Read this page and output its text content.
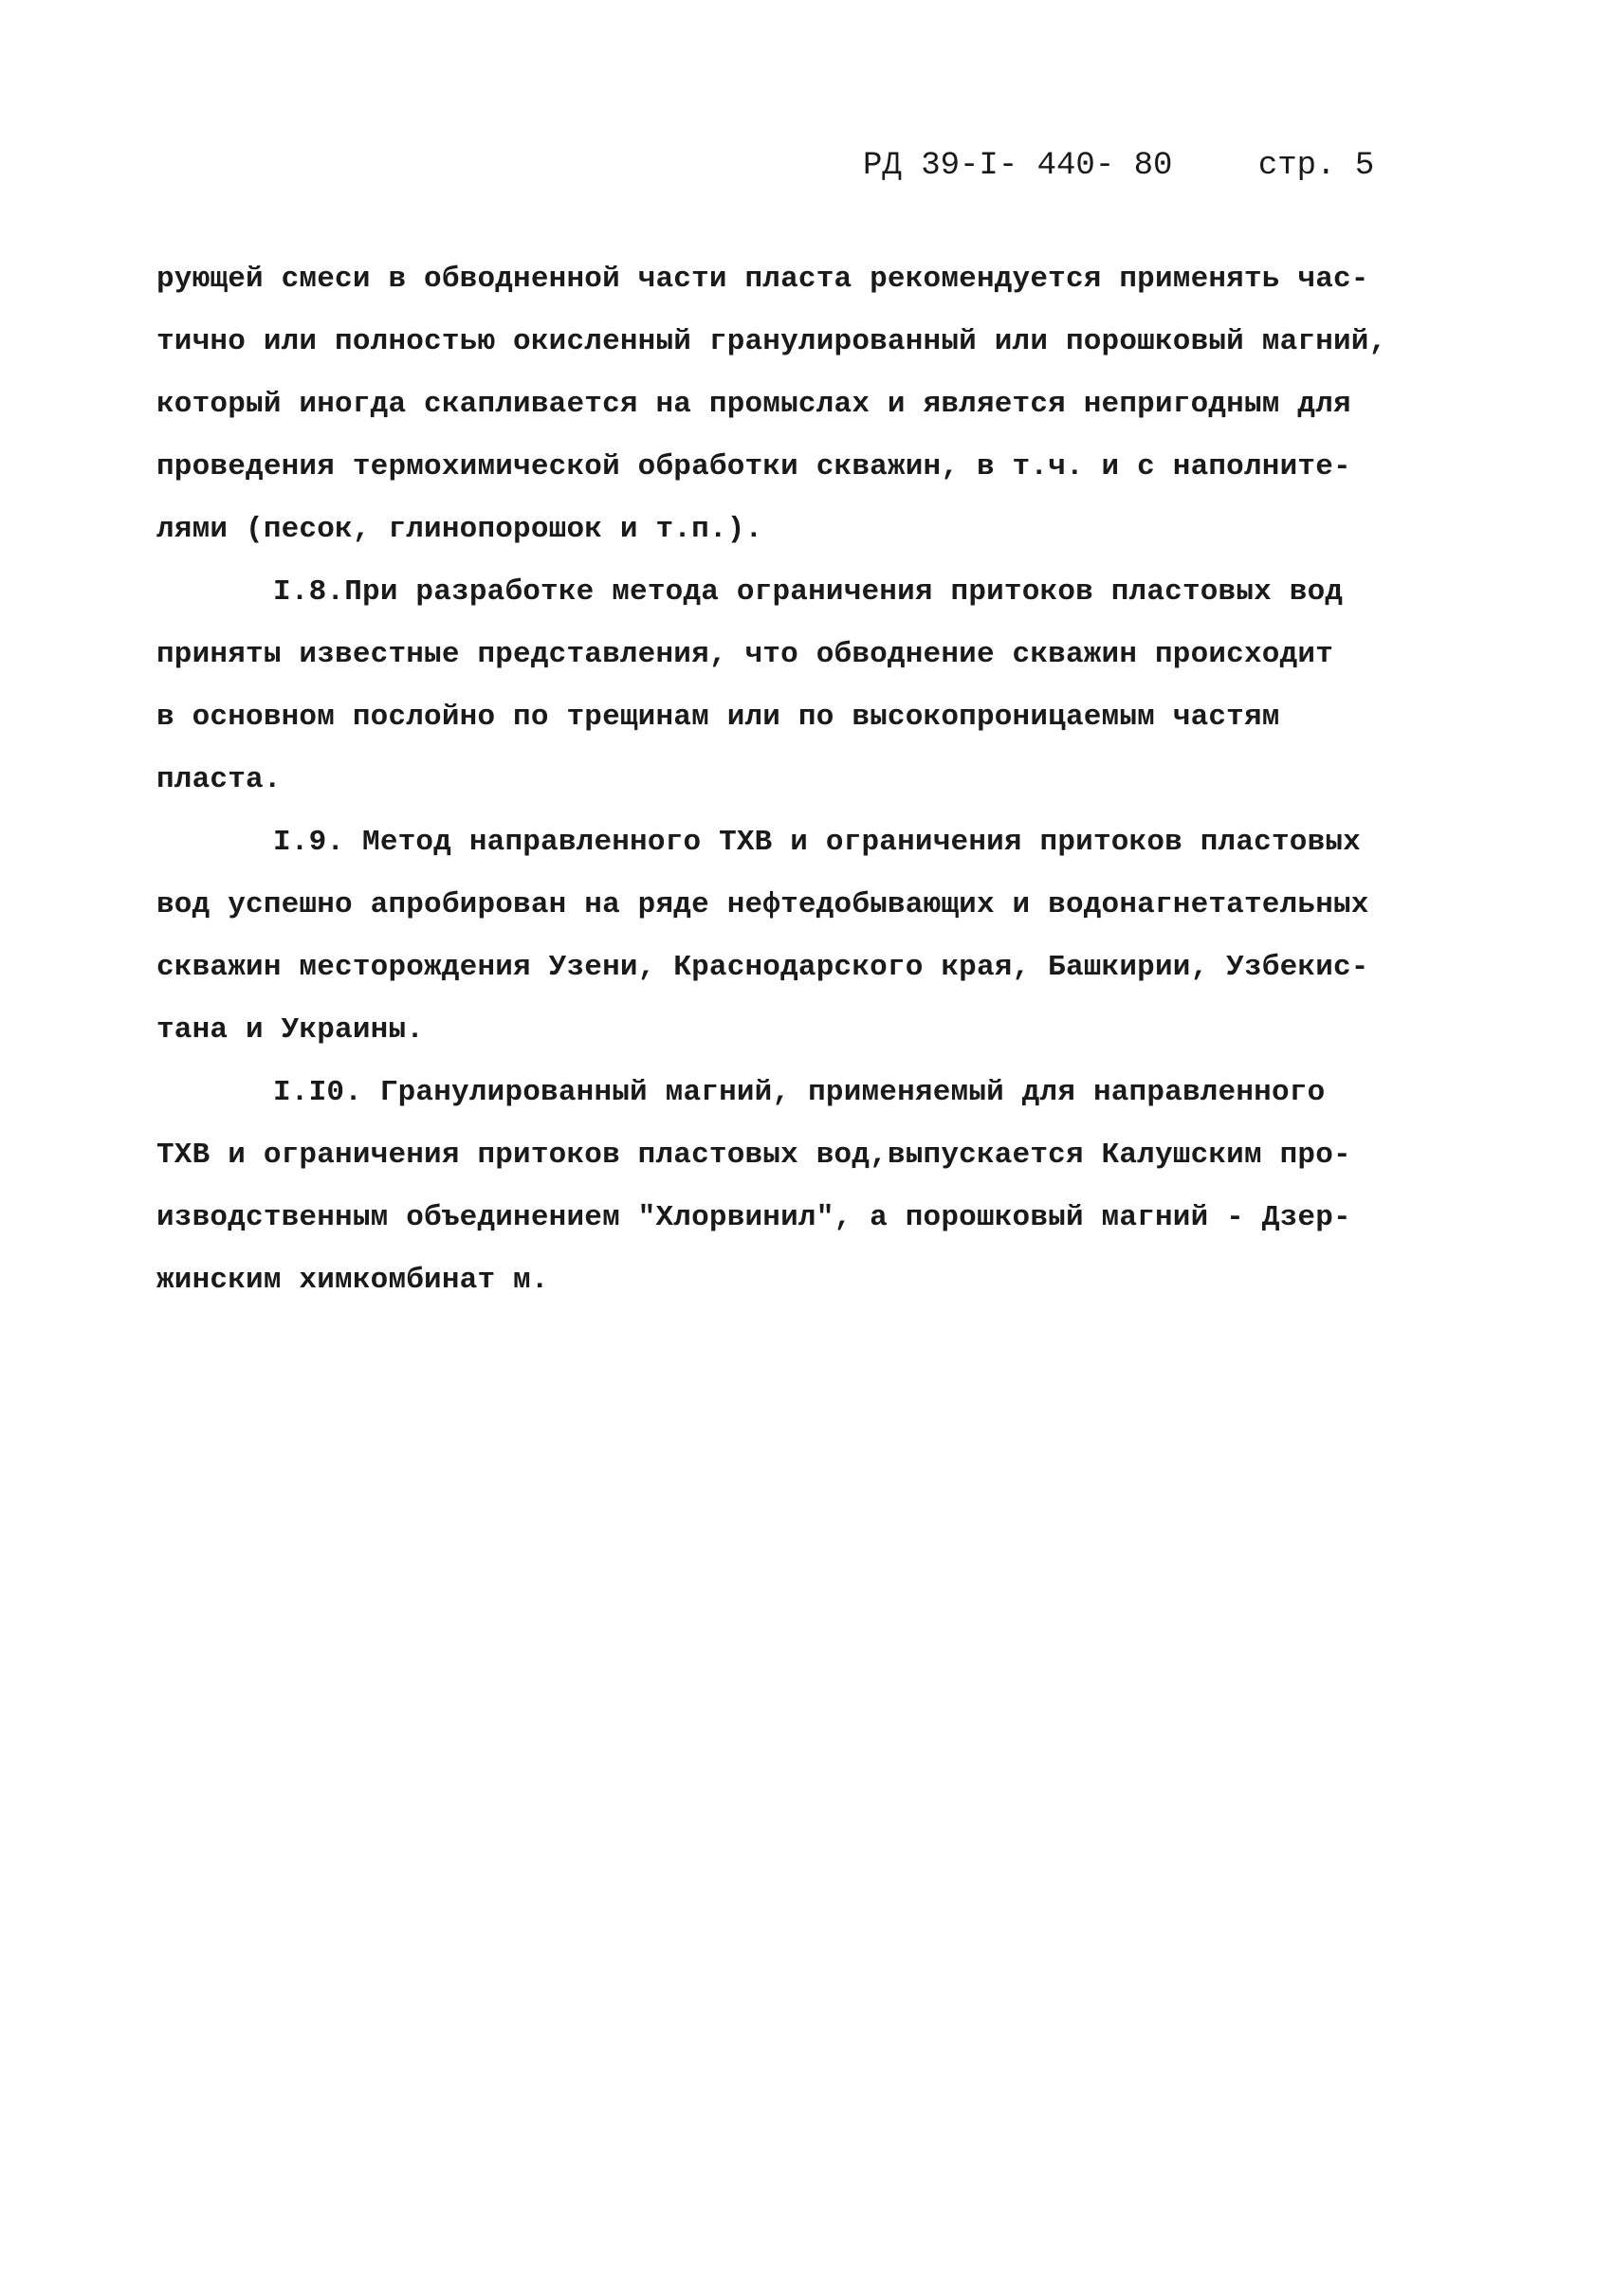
РД 39-I- 440- 80	стр. 5
рующей смеси в обводненной части пласта рекомендуется применять час-
тично или полностью окисленный гранулированный или порошковый магний,
который иногда скапливается на промыслах и является непригодным для
проведения термохимической обработки скважин, в т.ч. и с наполните-
лями (песок, глинопорошок и т.п.).
I.8.При разработке метода ограничения притоков пластовых вод
приняты известные представления, что обводнение скважин происходит
в основном послойно по трещинам или по высокопроницаемым частям
пласта.
I.9. Метод направленного ТХВ и ограничения притоков пластовых
вод успешно апробирован на ряде нефтедобывающих и водонагнетательных
скважин месторождения Узени, Краснодарского края, Башкирии, Узбекис-
тана и Украины.
I.I0. Гранулированный магний, применяемый для направленного
ТХВ и ограничения притоков пластовых вод,выпускается Калушским про-
изводственным объединением "Хлорвинил", а порошковый магний - Дзер-
жинским химкомбинат м.
